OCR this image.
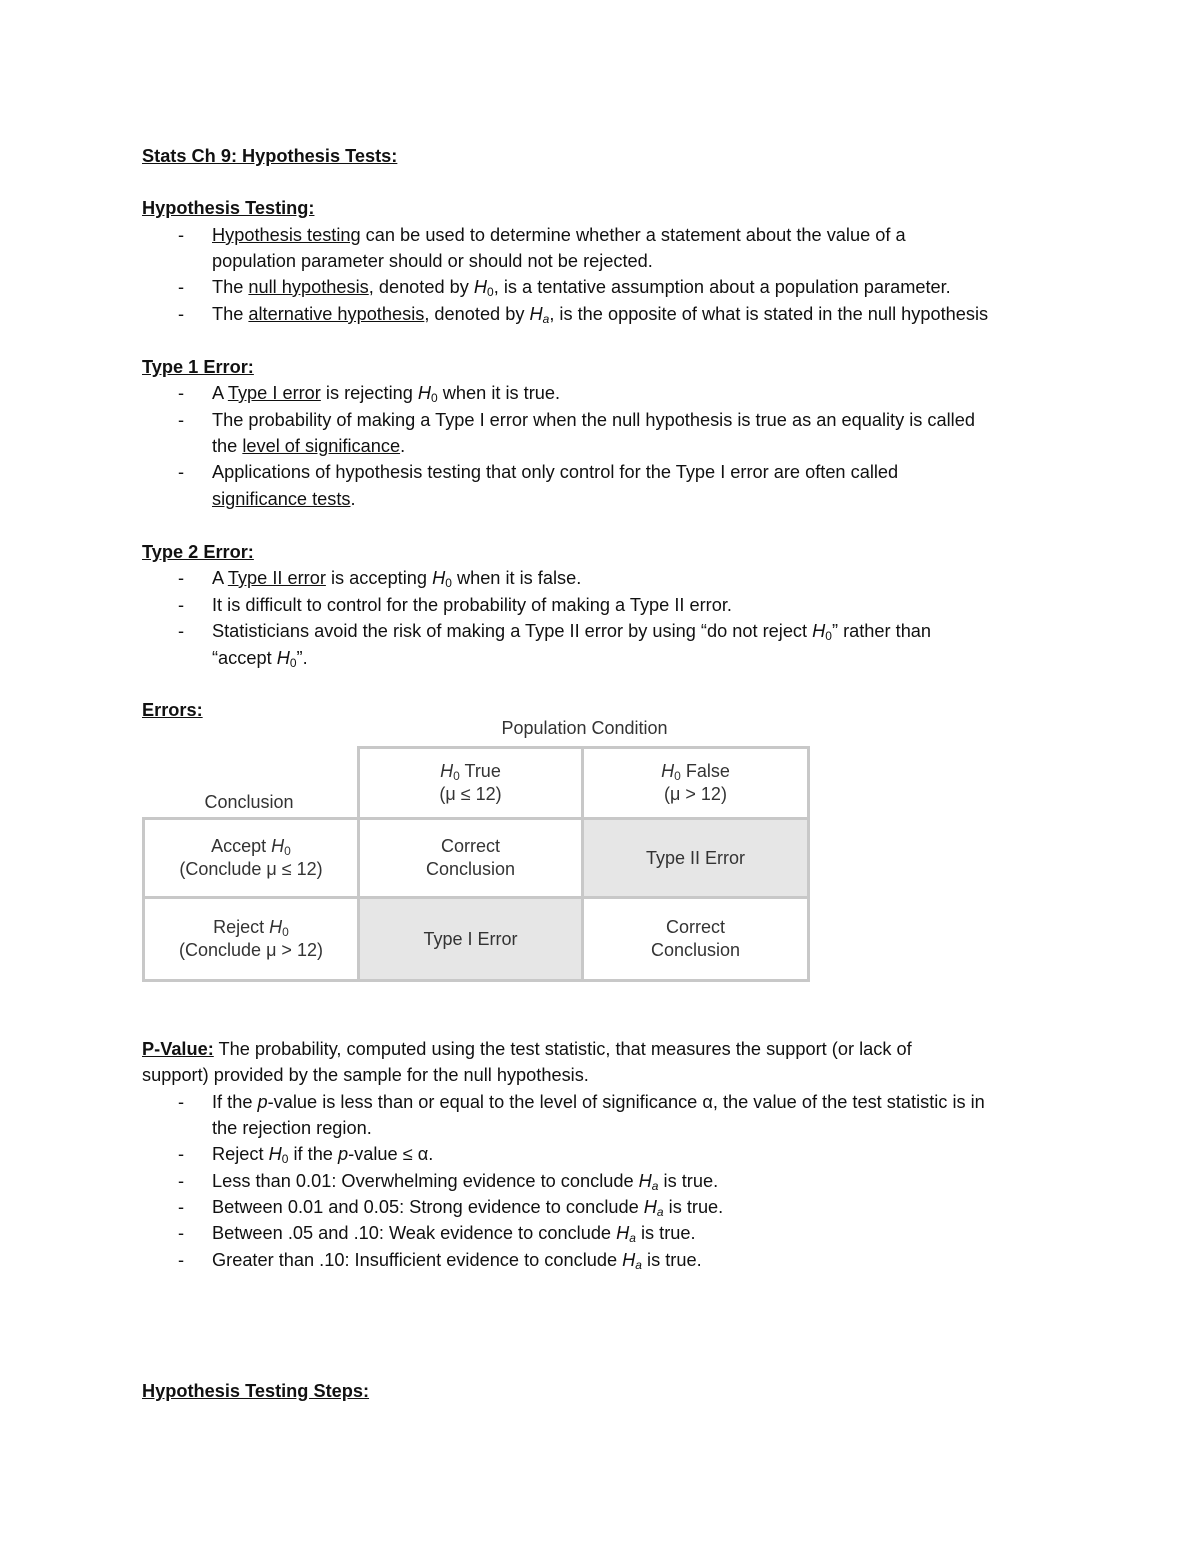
Stats Ch 9: Hypothesis Tests:
Hypothesis Testing:
- Hypothesis testing can be used to determine whether a statement about the value of a
population parameter should or should not be rejected.
- The null hypothesis, denoted by $H_0$, is a tentative assumption about a population parameter.
- The alternative hypothesis, denoted by $H_a$, is the opposite of what is stated in the null hypothesis
Type 1 Error:
- A Type I error is rejecting $H_0$ when it is true.
- The probability of making a Type I error when the null hypothesis is true as an equality is called
the level of significance.
- Applications of hypothesis testing that only control for the Type I error are often called
significance tests.
Type 2 Error:
- A Type II error is accepting $H_0$ when it is false.
- It is difficult to control for the probability of making a Type II error.
- Statisticians avoid the risk of making a Type II error by using “do not reject $H_0$” rather than
“accept $H_0$”.
Errors:
Population Condition
Conclusion
$H_0$ True
(μ ≤ 12)
$H_0$ False
(μ > 12)
Accept $H_0$
(Conclude μ ≤ 12)
Correct
Conclusion
Type II Error
Reject $H_0$
(Conclude μ > 12)
Type I Error
Correct
Conclusion
P-Value: The probability, computed using the test statistic, that measures the support (or lack of
support) provided by the sample for the null hypothesis.
- If the p-value is less than or equal to the level of significance α, the value of the test statistic is in
the rejection region.
- Reject $H_0$ if the p-value ≤ α.
- Less than 0.01: Overwhelming evidence to conclude $H_a$ is true.
- Between 0.01 and 0.05: Strong evidence to conclude $H_a$ is true.
- Between .05 and .10: Weak evidence to conclude $H_a$ is true.
- Greater than .10: Insufficient evidence to conclude $H_a$ is true.
Hypothesis Testing Steps:
